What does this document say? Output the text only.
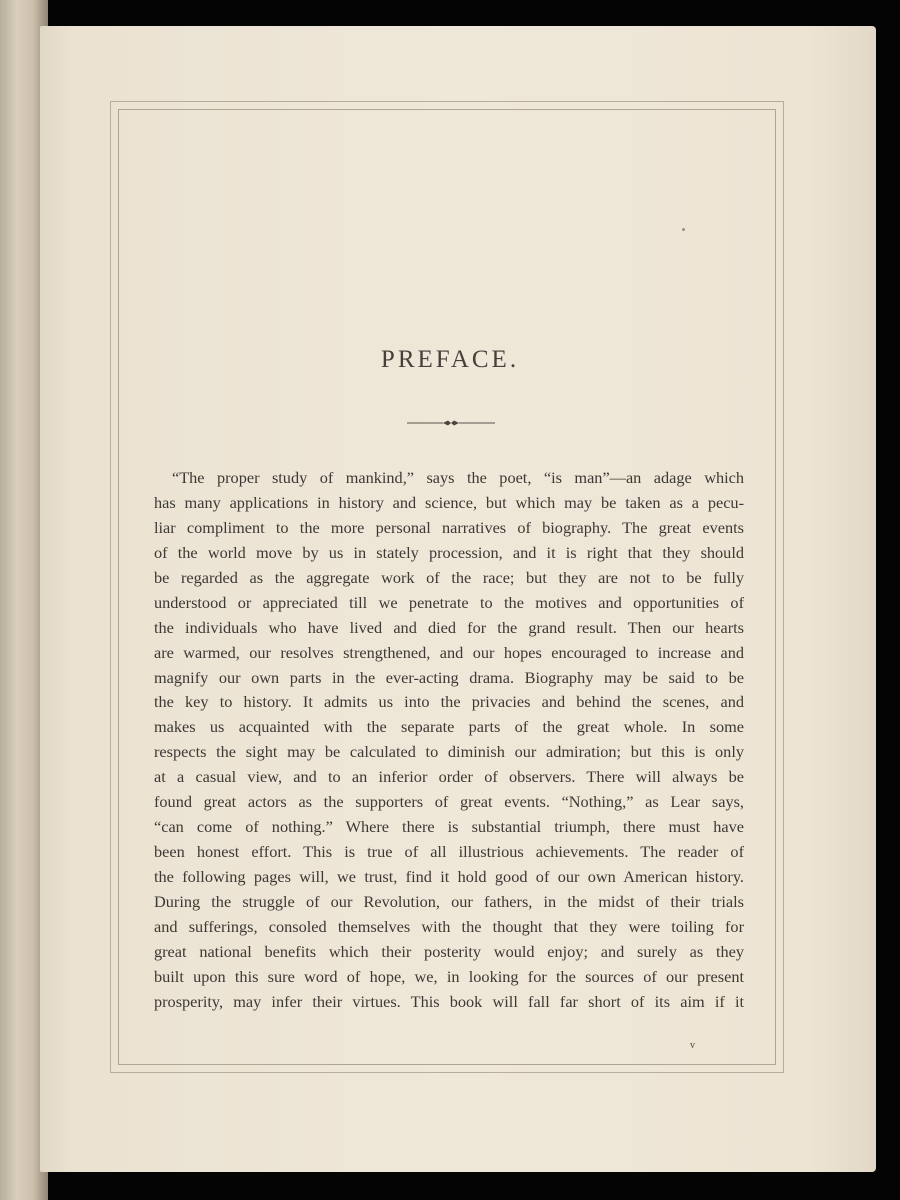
PREFACE.
“The proper study of mankind,” says the poet, “is man”—an adage which
has many applications in history and science, but which may be taken as a pecu-
liar compliment to the more personal narratives of biography. The great events
of the world move by us in stately procession, and it is right that they should
be regarded as the aggregate work of the race; but they are not to be fully
understood or appreciated till we penetrate to the motives and opportunities of
the individuals who have lived and died for the grand result. Then our hearts
are warmed, our resolves strengthened, and our hopes encouraged to increase and
magnify our own parts in the ever-acting drama. Biography may be said to be
the key to history. It admits us into the privacies and behind the scenes, and
makes us acquainted with the separate parts of the great whole. In some
respects the sight may be calculated to diminish our admiration; but this is only
at a casual view, and to an inferior order of observers. There will always be
found great actors as the supporters of great events. “Nothing,” as Lear says,
“can come of nothing.” Where there is substantial triumph, there must have
been honest effort. This is true of all illustrious achievements. The reader of
the following pages will, we trust, find it hold good of our own American history.
During the struggle of our Revolution, our fathers, in the midst of their trials
and sufferings, consoled themselves with the thought that they were toiling for
great national benefits which their posterity would enjoy; and surely as they
built upon this sure word of hope, we, in looking for the sources of our present
prosperity, may infer their virtues. This book will fall far short of its aim if it
v
